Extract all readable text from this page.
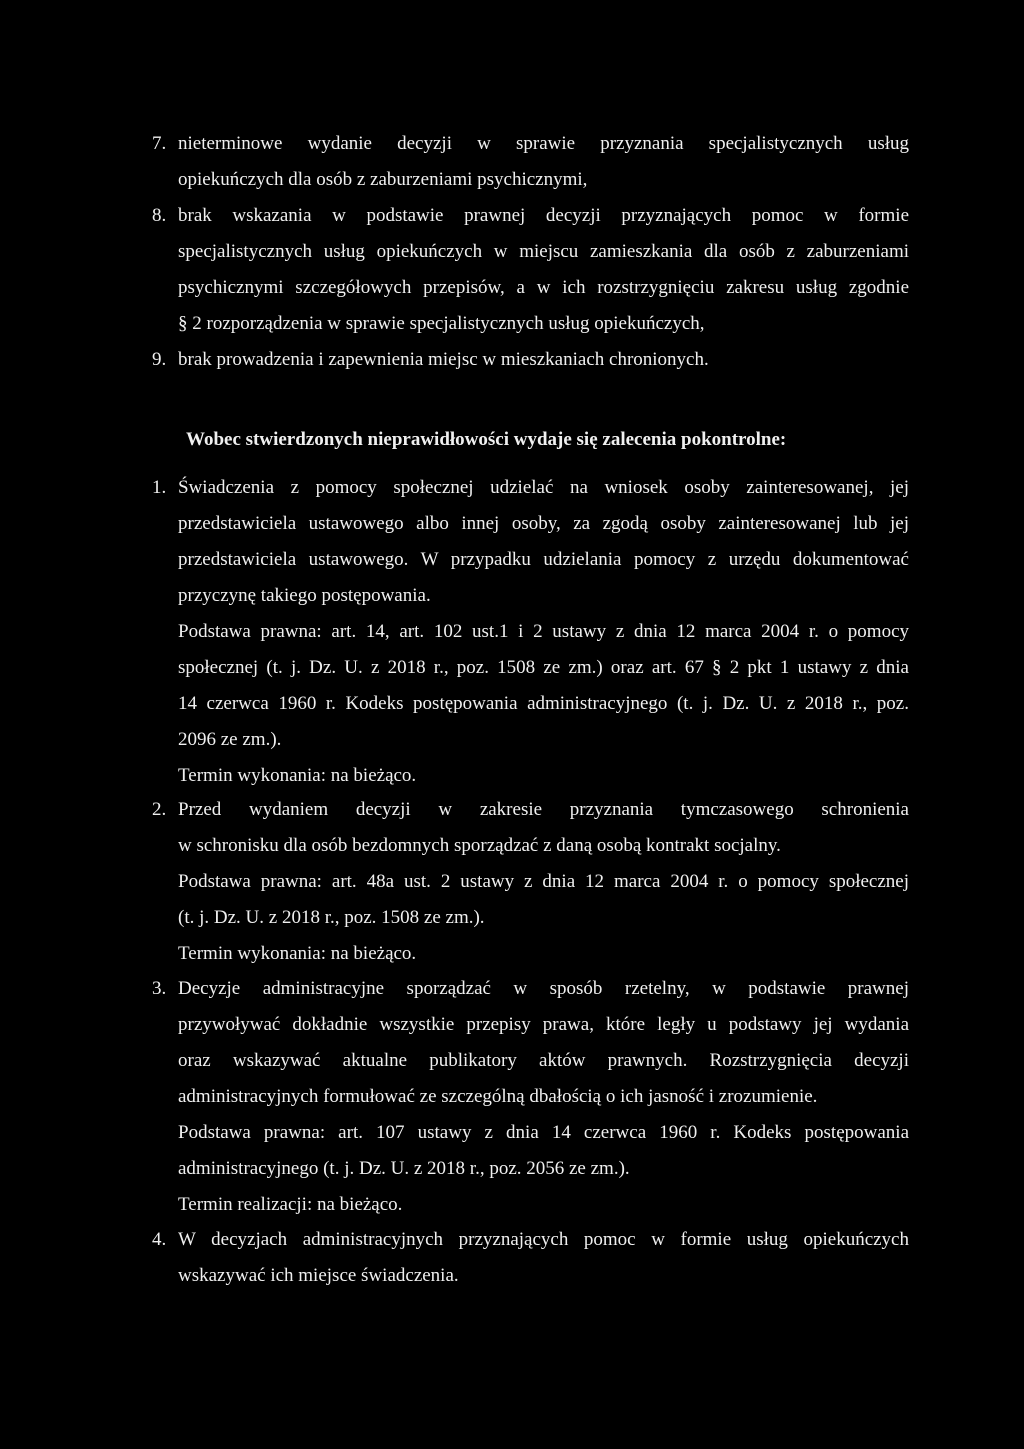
7. nieterminowe wydanie decyzji w sprawie przyznania specjalistycznych usług
opiekuńczych dla osób z zaburzeniami psychicznymi,
8. brak wskazania w podstawie prawnej decyzji przyznających pomoc w formie
specjalistycznych usług opiekuńczych w miejscu zamieszkania dla osób z zaburzeniami
psychicznymi szczegółowych przepisów, a w ich rozstrzygnięciu zakresu usług zgodnie
§ 2 rozporządzenia w sprawie specjalistycznych usług opiekuńczych,
9. brak prowadzenia i zapewnienia miejsc w mieszkaniach chronionych.
Wobec stwierdzonych nieprawidłowości wydaje się zalecenia pokontrolne:
1. Świadczenia z pomocy społecznej udzielać na wniosek osoby zainteresowanej, jej
przedstawiciela ustawowego albo innej osoby, za zgodą osoby zainteresowanej lub jej
przedstawiciela ustawowego. W przypadku udzielania pomocy z urzędu dokumentować
przyczynę takiego postępowania.
Podstawa prawna: art. 14, art. 102 ust.1 i 2 ustawy z dnia 12 marca 2004 r. o pomocy
społecznej (t. j. Dz. U. z 2018 r., poz. 1508 ze zm.) oraz art. 67 § 2 pkt 1 ustawy z dnia
14 czerwca 1960 r. Kodeks postępowania administracyjnego (t. j. Dz. U. z 2018 r., poz.
2096 ze zm.).
Termin wykonania: na bieżąco.
2. Przed wydaniem decyzji w zakresie przyznania tymczasowego schronienia
w schronisku dla osób bezdomnych sporządzać z daną osobą kontrakt socjalny.
Podstawa prawna: art. 48a ust. 2 ustawy z dnia 12 marca 2004 r. o pomocy społecznej
(t. j. Dz. U. z 2018 r., poz. 1508 ze zm.).
Termin wykonania: na bieżąco.
3. Decyzje administracyjne sporządzać w sposób rzetelny, w podstawie prawnej
przywoływać dokładnie wszystkie przepisy prawa, które legły u podstawy jej wydania
oraz wskazywać aktualne publikatory aktów prawnych. Rozstrzygnięcia decyzji
administracyjnych formułować ze szczególną dbałością o ich jasność i zrozumienie.
Podstawa prawna: art. 107 ustawy z dnia 14 czerwca 1960 r. Kodeks postępowania
administracyjnego (t. j. Dz. U. z 2018 r., poz. 2056 ze zm.).
Termin realizacji: na bieżąco.
4. W decyzjach administracyjnych przyznających pomoc w formie usług opiekuńczych
wskazywać ich miejsce świadczenia.
